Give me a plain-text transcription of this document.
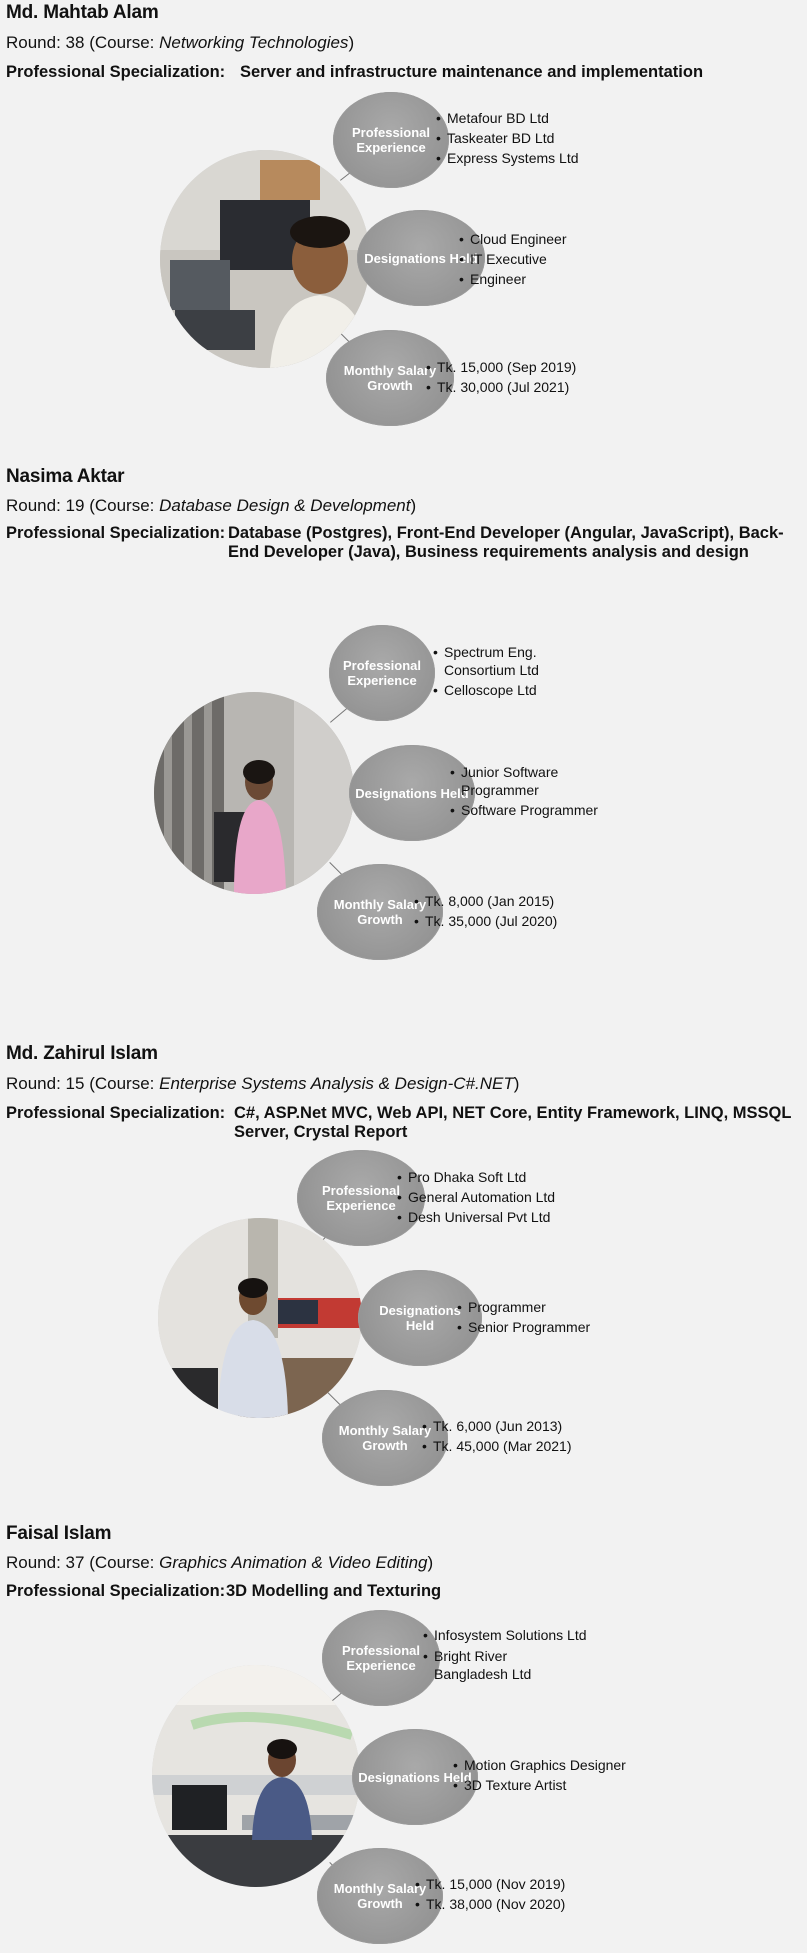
Md. Mahtab Alam
Round: 38 (Course: Networking Technologies)
Professional Specialization: Server and infrastructure maintenance and implementation
Professional Experience
Designations Held
Monthly Salary Growth
• Metafour BD Ltd
• Taskeater BD Ltd
• Express Systems Ltd
• Cloud Engineer
• IT Executive
• Engineer
• Tk. 15,000 (Sep 2019)
• Tk. 30,000 (Jul 2021)
Nasima Aktar
Round: 19 (Course: Database Design & Development)
Professional Specialization: Database (Postgres), Front-End Developer (Angular, JavaScript), Back-End Developer (Java), Business requirements analysis and design
Professional Experience
Designations Held
Monthly Salary Growth
• Spectrum Eng. Consortium Ltd
• Celloscope Ltd
• Junior Software Programmer
• Software Programmer
• Tk. 8,000 (Jan 2015)
• Tk. 35,000 (Jul 2020)
Md. Zahirul Islam
Round: 15 (Course: Enterprise Systems Analysis & Design-C#.NET)
Professional Specialization: C#, ASP.Net MVC, Web API, NET Core, Entity Framework, LINQ, MSSQL Server, Crystal Report
Professional Experience
Designations Held
Monthly Salary Growth
• Pro Dhaka Soft Ltd
• General Automation Ltd
• Desh Universal Pvt Ltd
• Programmer
• Senior Programmer
• Tk. 6,000 (Jun 2013)
• Tk. 45,000 (Mar 2021)
Faisal Islam
Round: 37 (Course: Graphics Animation & Video Editing)
Professional Specialization: 3D Modelling and Texturing
Professional Experience
Designations Held
Monthly Salary Growth
• Infosystem Solutions Ltd
• Bright River Bangladesh Ltd
• Motion Graphics Designer
• 3D Texture Artist
• Tk. 15,000 (Nov 2019)
• Tk. 38,000 (Nov 2020)
